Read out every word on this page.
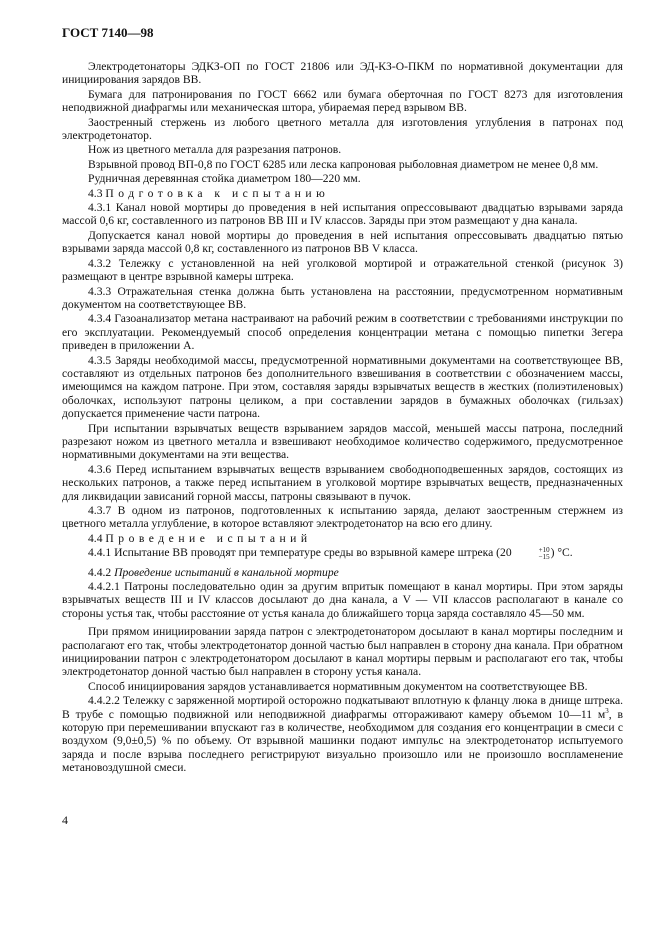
ГОСТ 7140—98

Электродетонаторы ЭДКЗ-ОП по ГОСТ 21806 или ЭД-КЗ-О-ПКМ по нормативной документации для инициирования зарядов ВВ.

Бумага для патронирования по ГОСТ 6662 или бумага оберточная по ГОСТ 8273 для изготовления неподвижной диафрагмы или механическая штора, убираемая перед взрывом ВВ.

Заостренный стержень из любого цветного металла для изготовления углубления в патронах под электродетонатор.

Нож из цветного металла для разрезания патронов.

Взрывной провод ВП-0,8 по ГОСТ 6285 или леска капроновая рыболовная диаметром не менее 0,8 мм.

Рудничная деревянная стойка диаметром 180—220 мм.

4.3 Подготовка к испытанию

4.3.1 Канал новой мортиры до проведения в ней испытания опрессовывают двадцатью взрывами заряда массой 0,6 кг, составленного из патронов ВВ III и IV классов. Заряды при этом размещают у дна канала.

Допускается канал новой мортиры до проведения в ней испытания опрессовывать двадцатью пятью взрывами заряда массой 0,8 кг, составленного из патронов ВВ V класса.

4.3.2 Тележку с установленной на ней уголковой мортирой и отражательной стенкой (рисунок 3) размещают в центре взрывной камеры штрека.

4.3.3 Отражательная стенка должна быть установлена на расстоянии, предусмотренном нормативным документом на соответствующее ВВ.

4.3.4 Газоанализатор метана настраивают на рабочий режим в соответствии с требованиями инструкции по его эксплуатации. Рекомендуемый способ определения концентрации метана с помощью пипетки Зегера приведен в приложении А.

4.3.5 Заряды необходимой массы, предусмотренной нормативными документами на соответствующее ВВ, составляют из отдельных патронов без дополнительного взвешивания в соответствии с обозначением массы, имеющимся на каждом патроне. При этом, составляя заряды взрывчатых веществ в жестких (полиэтиленовых) оболочках, используют патроны целиком, а при составлении зарядов в бумажных оболочках (гильзах) допускается применение части патрона.

При испытании взрывчатых веществ взрыванием зарядов массой, меньшей массы патрона, последний разрезают ножом из цветного металла и взвешивают необходимое количество содержимого, предусмотренное нормативными документами на эти вещества.

4.3.6 Перед испытанием взрывчатых веществ взрыванием свободноподвешенных зарядов, состоящих из нескольких патронов, а также перед испытанием в уголковой мортире взрывчатых веществ, предназначенных для ликвидации зависаний горной массы, патроны связывают в пучок.

4.3.7 В одном из патронов, подготовленных к испытанию заряда, делают заостренным стержнем из цветного металла углубление, в которое вставляют электродетонатор на всю его длину.

4.4 Проведение испытаний

4.4.1 Испытание ВВ проводят при температуре среды во взрывной камере штрека (20	+10
−15 ) °C.

4.4.2 Проведение испытаний в канальной мортире

4.4.2.1 Патроны последовательно один за другим впритык помещают в канал мортиры. При этом заряды взрывчатых веществ III и IV классов досылают до дна канала, а V — VII классов располагают в канале со стороны устья так, чтобы расстояние от устья канала до ближайшего торца заряда составляло 45—50 мм.

При прямом инициировании заряда патрон с электродетонатором досылают в канал мортиры последним и располагают его так, чтобы электродетонатор донной частью был направлен в сторону дна канала. При обратном инициировании патрон с электродетонатором досылают в канал мортиры первым и располагают его так, чтобы электродетонатор донной частью был направлен в сторону устья канала.

Способ инициирования зарядов устанавливается нормативным документом на соответствующее ВВ.

4.4.2.2 Тележку с заряженной мортирой осторожно подкатывают вплотную к фланцу люка в днище штрека. В трубе с помощью подвижной или неподвижной диафрагмы отгораживают камеру объемом 10—11 $м^3$, в которую при перемешивании впускают газ в количестве, необходимом для создания его концентрации в смеси с воздухом (9,0±0,5) % по объему. От взрывной машинки подают импульс на электродетонатор испытуемого заряда и после взрыва последнего регистрируют визуально произошло или не произошло воспламенение метановоздушной смеси.

4
